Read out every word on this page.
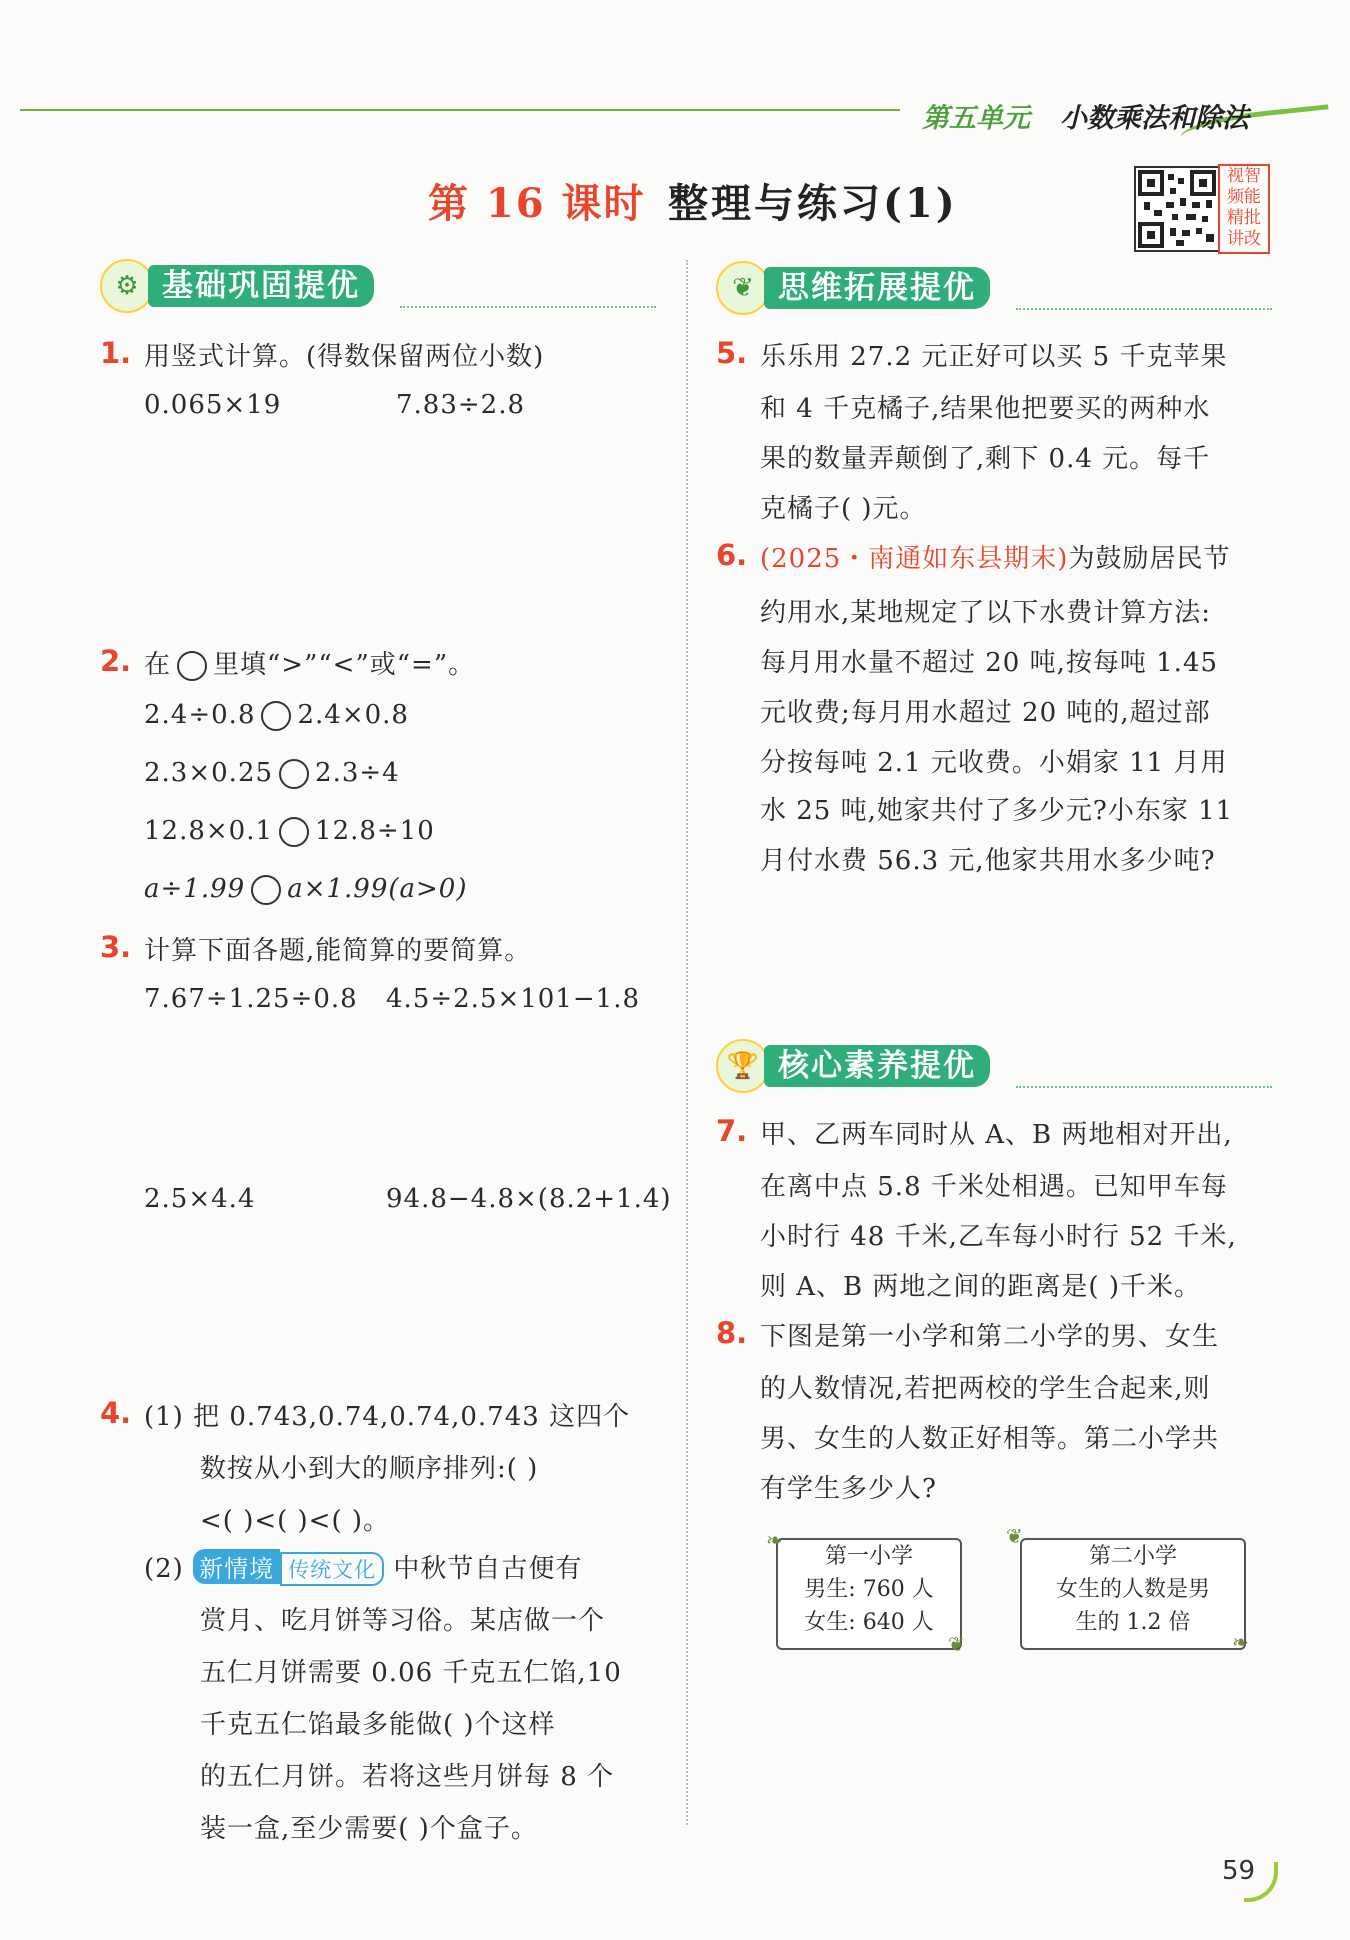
第五单元 小数乘法和除法
第 16 课时 整理与练习(1)
视智
频能
精批
讲改
⚙ 基础巩固提优
1. 用竖式计算。(得数保留两位小数)
0.065×19	7.83÷2.8
2. 在 里填“>”“<”或“=”。
2.4÷0.8 2.4×0.8
2.3×0.25 2.3÷4
12.8×0.1 12.8÷10
a÷1.99 a×1.99(a>0)
3. 计算下面各题,能简算的要简算。
7.67÷1.25÷0.8 4.5÷2.5×101−1.8
2.5×4.4	94.8−4.8×(8.2+1.4)
4. (1) 把 0.743,0.74,0.74,0.743 这四个
数按从小到大的顺序排列:( )
<( )<( )<( )。
(2) 新情境 传统文化 中秋节自古便有
赏月、吃月饼等习俗。某店做一个
五仁月饼需要 0.06 千克五仁馅,10
千克五仁馅最多能做( )个这样
的五仁月饼。若将这些月饼每 8 个
装一盒,至少需要( )个盒子。
❦ 思维拓展提优
5. 乐乐用 27.2 元正好可以买 5 千克苹果
和 4 千克橘子,结果他把要买的两种水
果的数量弄颠倒了,剩下 0.4 元。每千
克橘子( )元。
6. (2025・南通如东县期末)为鼓励居民节
约用水,某地规定了以下水费计算方法:
每月用水量不超过 20 吨,按每吨 1.45
元收费;每月用水超过 20 吨的,超过部
分按每吨 2.1 元收费。小娟家 11 月用
水 25 吨,她家共付了多少元?小东家 11
月付水费 56.3 元,他家共用水多少吨?
🏆 核心素养提优
7. 甲、乙两车同时从 A、B 两地相对开出,
在离中点 5.8 千米处相遇。已知甲车每
小时行 48 千米,乙车每小时行 52 千米,
则 A、B 两地之间的距离是( )千米。
8. 下图是第一小学和第二小学的男、女生
的人数情况,若把两校的学生合起来,则
男、女生的人数正好相等。第二小学共
有学生多少人?
第一小学
男生: 760 人
女生: 640 人
第二小学
女生的人数是男
生的 1.2 倍
❧
❦
❦
❧
59
